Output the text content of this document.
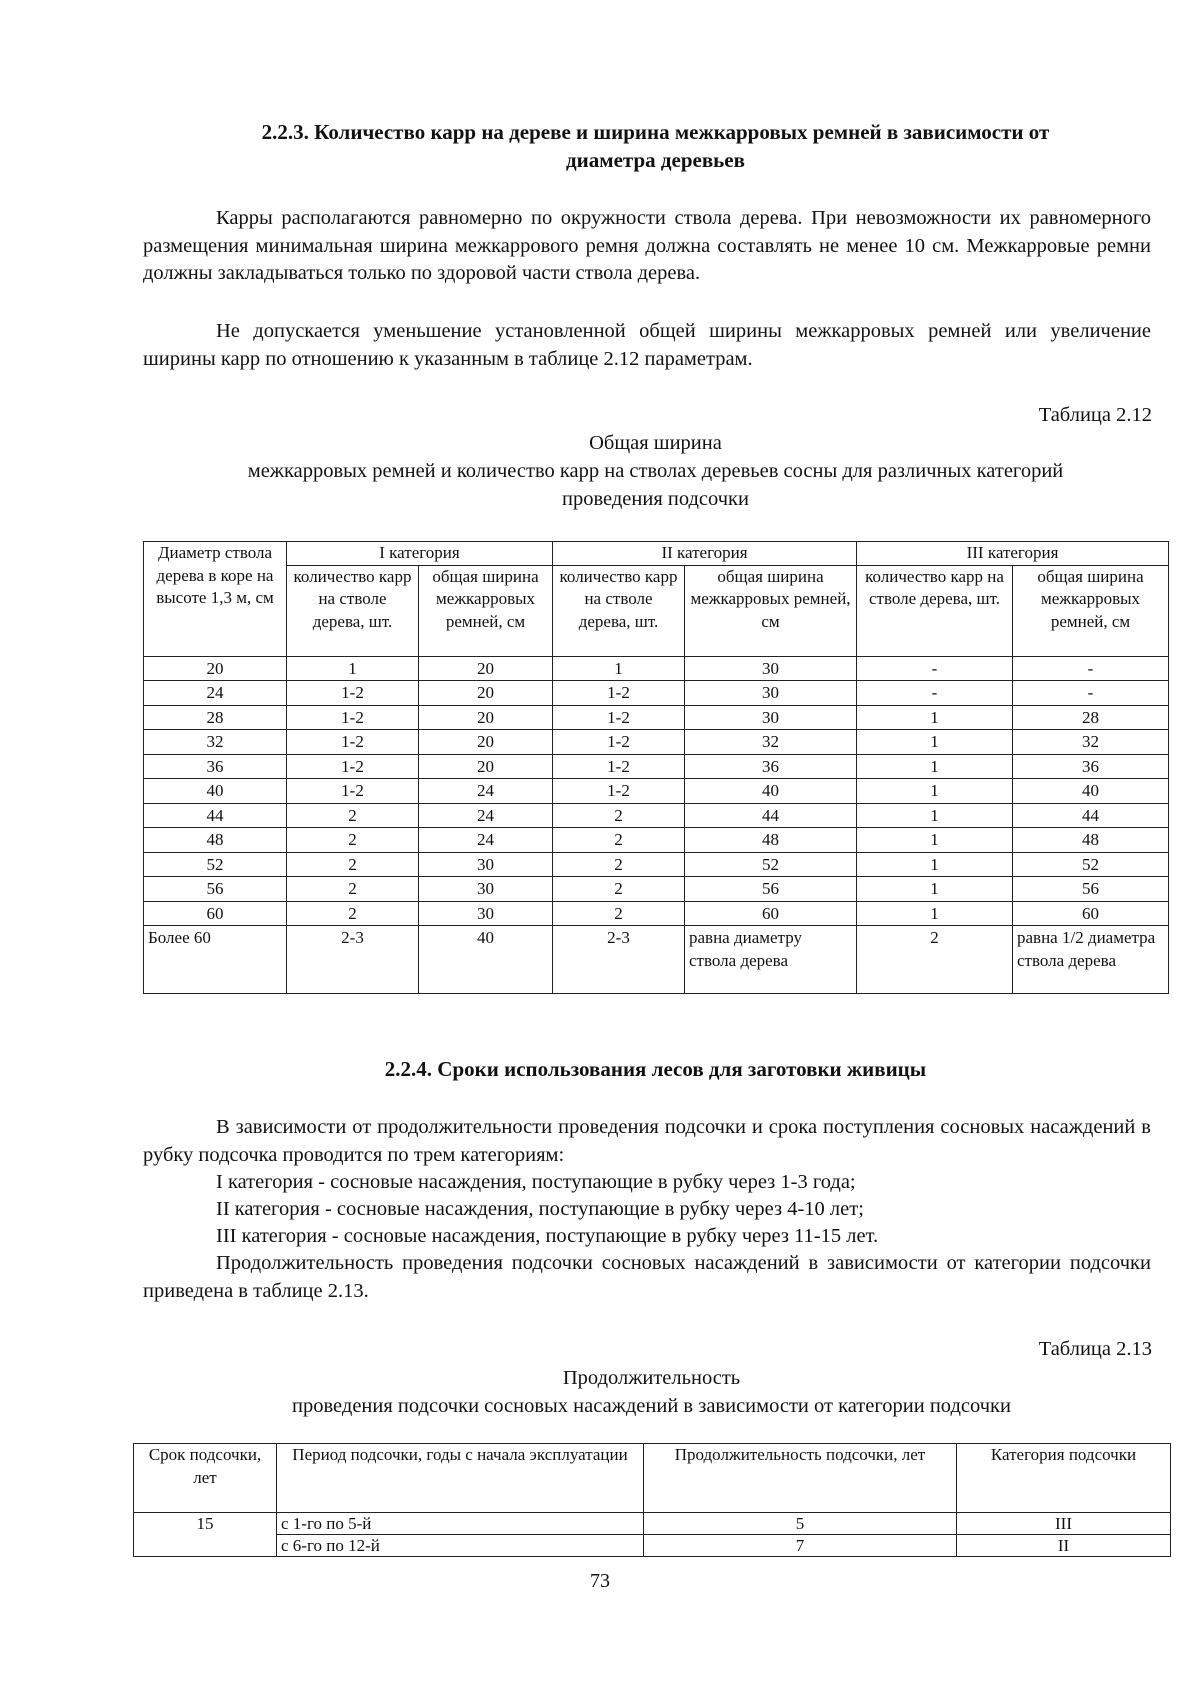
2.2.3. Количество карр на дереве и ширина межкарровых ремней в зависимости от
диаметра деревьев
Карры располагаются равномерно по окружности ствола дерева. При невозможности их равномерного размещения минимальная ширина межкаррового ремня должна составлять не менее 10 см. Межкарровые ремни должны закладываться только по здоровой части ствола дерева.
Не допускается уменьшение установленной общей ширины межкарровых ремней или увеличение ширины карр по отношению к указанным в таблице 2.12 параметрам.
Таблица 2.12
Общая ширина
межкарровых ремней и количество карр на стволах деревьев сосны для различных категорий
проведения подсочки
Диаметр ствола дерева в коре на высоте 1,3 м, см	I категория		II категория		III категория	
	количество карр на стволе дерева, шт.	общая ширина межкарровых ремней, см	количество карр на стволе дерева, шт.	общая ширина межкарровых ремней, см	количество карр на стволе дерева, шт.	общая ширина межкарровых ремней, см
20	1	20	1	30	-	-
24	1-2	20	1-2	30	-	-
28	1-2	20	1-2	30	1	28
32	1-2	20	1-2	32	1	32
36	1-2	20	1-2	36	1	36
40	1-2	24	1-2	40	1	40
44	2	24	2	44	1	44
48	2	24	2	48	1	48
52	2	30	2	52	1	52
56	2	30	2	56	1	56
60	2	30	2	60	1	60
Более 60	2-3	40	2-3	равна диаметру ствола дерева	2	равна 1/2 диаметра ствола дерева
2.2.4. Сроки использования лесов для заготовки живицы
В зависимости от продолжительности проведения подсочки и срока поступления сосновых насаждений в рубку подсочка проводится по трем категориям:
I категория - сосновые насаждения, поступающие в рубку через 1-3 года;
II категория - сосновые насаждения, поступающие в рубку через 4-10 лет;
III категория - сосновые насаждения, поступающие в рубку через 11-15 лет.
Продолжительность проведения подсочки сосновых насаждений в зависимости от категории подсочки приведена в таблице 2.13.
Таблица 2.13
Продолжительность
проведения подсочки сосновых насаждений в зависимости от категории подсочки
Срок подсочки, лет	Период подсочки, годы с начала эксплуатации	Продолжительность подсочки, лет	Категория подсочки
15	с 1-го по 5-й	5	III
	с 6-го по 12-й	7	II
73
